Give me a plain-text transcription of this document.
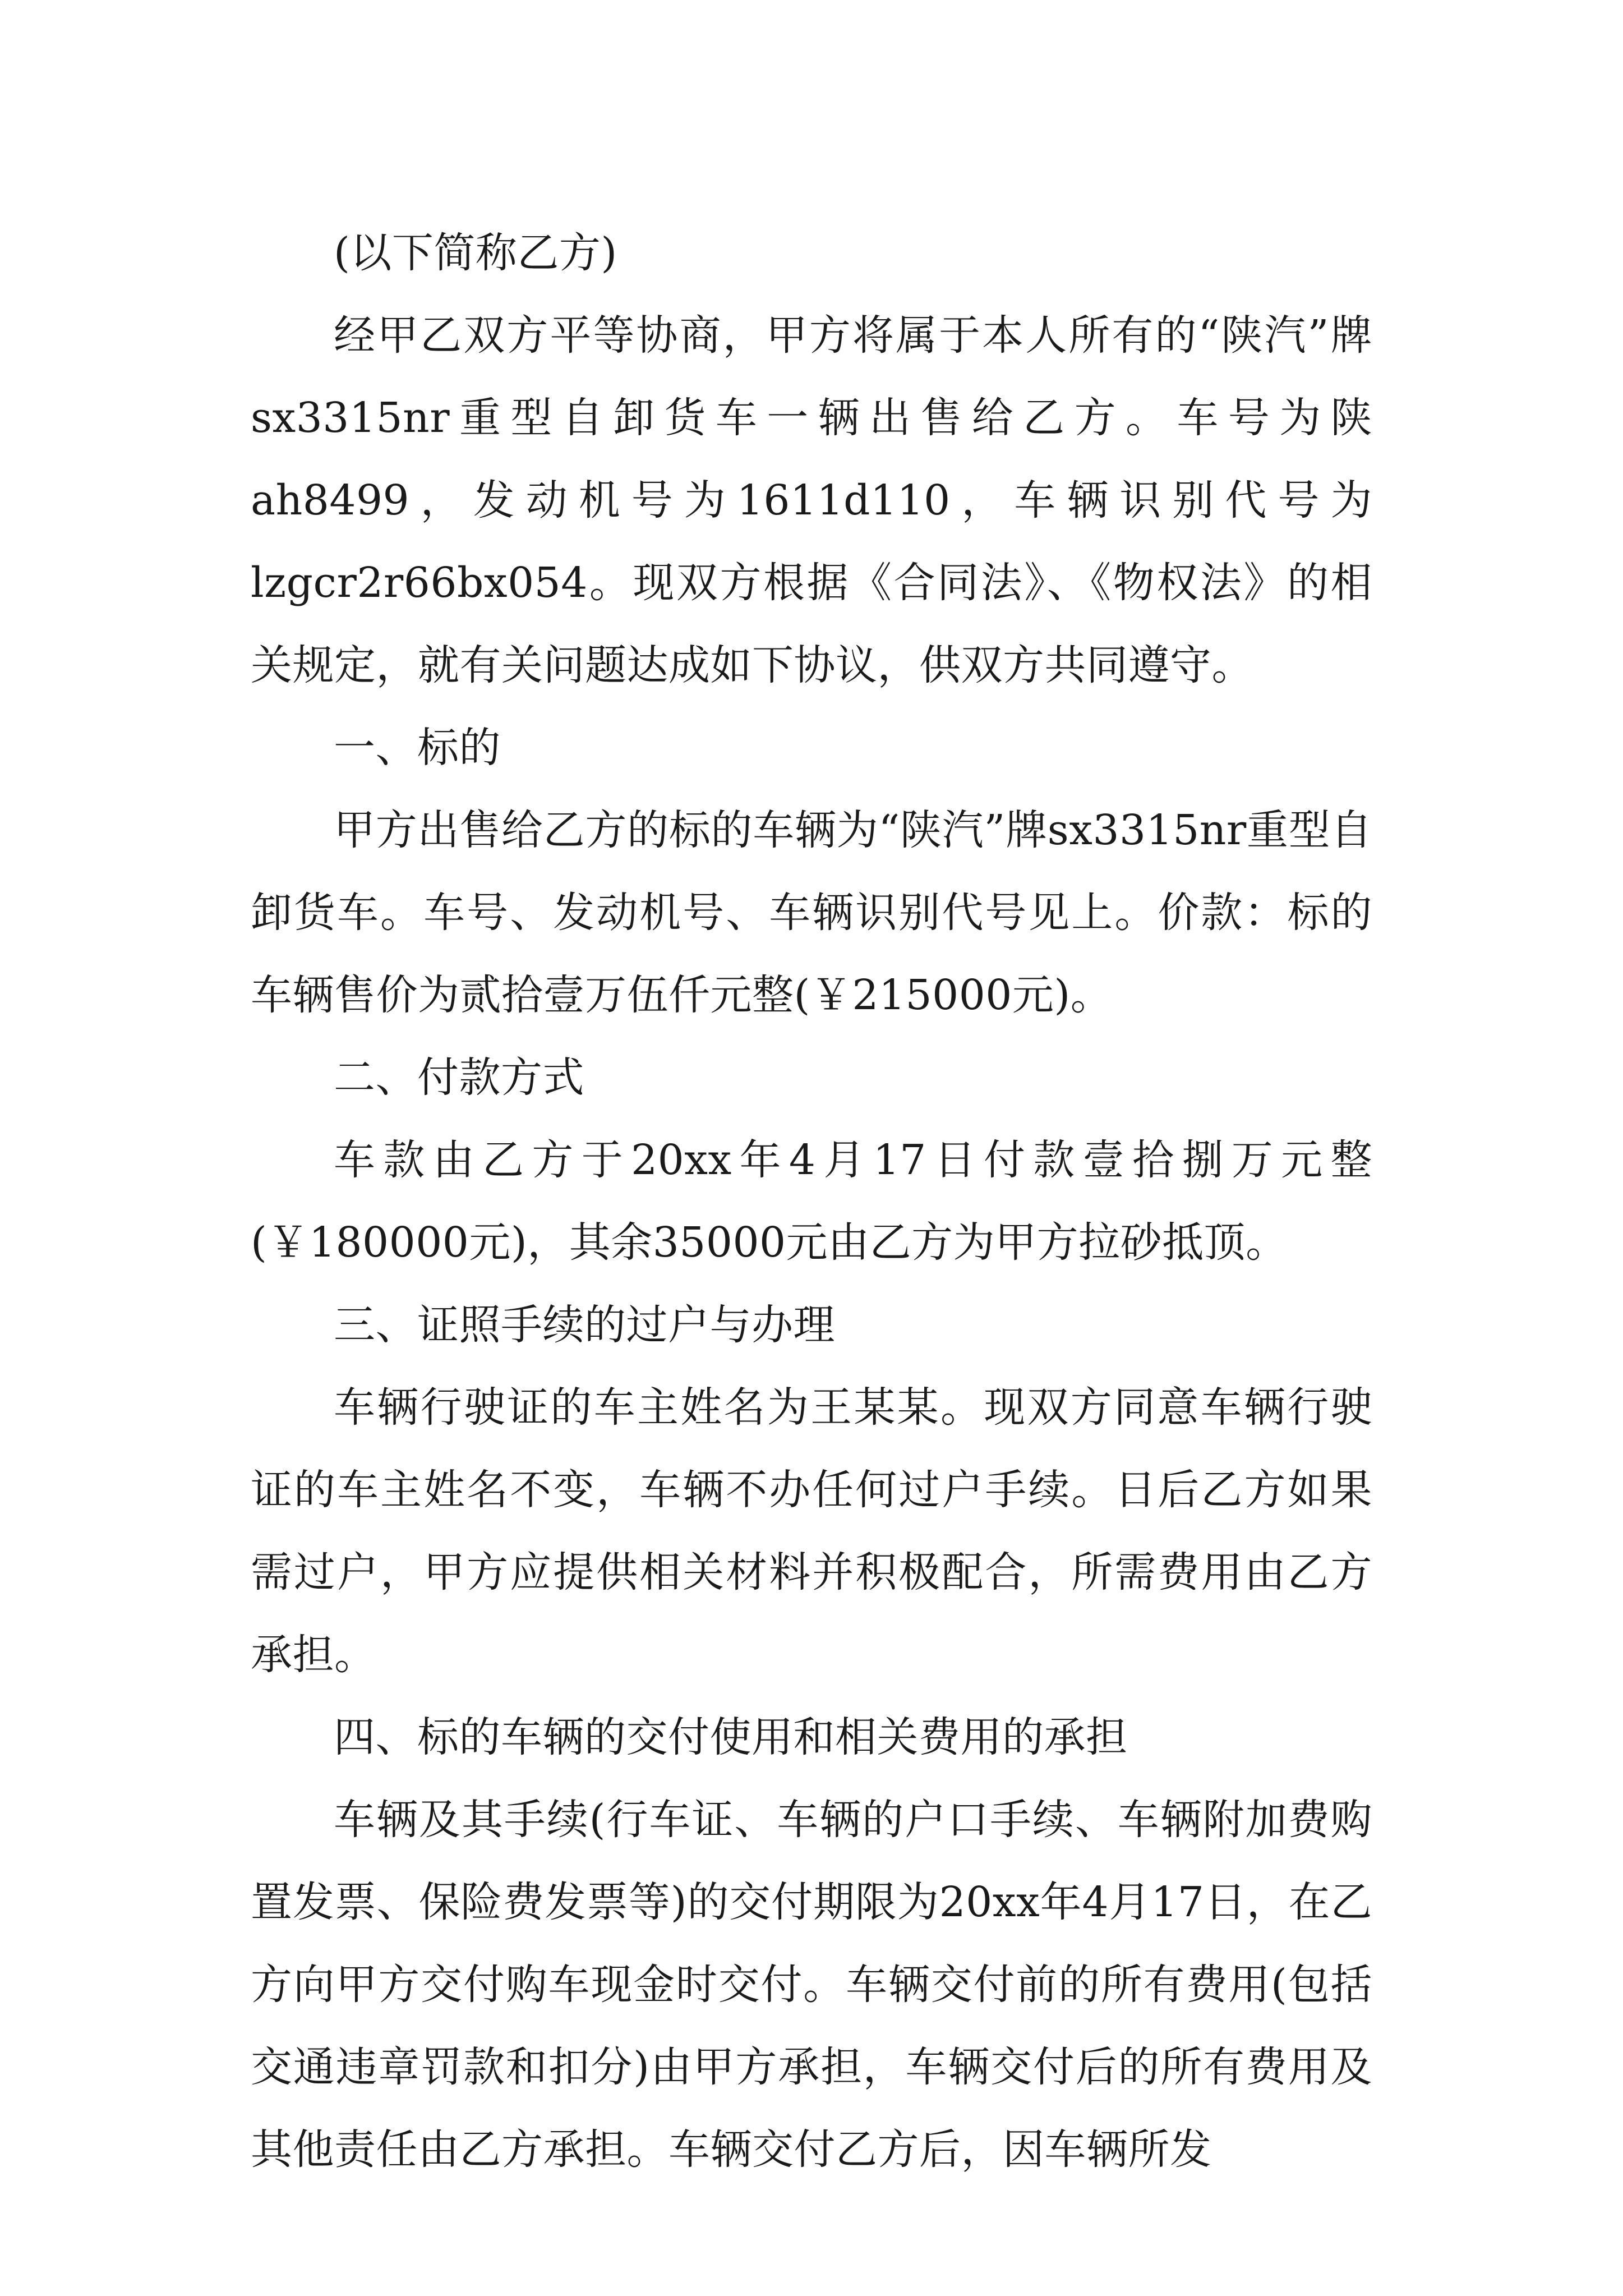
(以下简称乙方)

经甲乙双方平等协商，甲方将属于本人所有的“陕汽”牌sx3315nr重型自卸货车一辆出售给乙方。车号为陕ah8499，发动机号为1611d110，车辆识别代号为lzgcr2r66bx054。现双方根据《合同法》、《物权法》的相关规定，就有关问题达成如下协议，供双方共同遵守。

一、标的

甲方出售给乙方的标的车辆为“陕汽”牌sx3315nr重型自卸货车。车号、发动机号、车辆识别代号见上。价款：标的车辆售价为贰拾壹万伍仟元整(￥215000元)。

二、付款方式

车款由乙方于20xx年4月17日付款壹拾捌万元整(￥180000元)，其余35000元由乙方为甲方拉砂抵顶。

三、证照手续的过户与办理

车辆行驶证的车主姓名为王某某。现双方同意车辆行驶证的车主姓名不变，车辆不办任何过户手续。日后乙方如果需过户，甲方应提供相关材料并积极配合，所需费用由乙方承担。

四、标的车辆的交付使用和相关费用的承担

车辆及其手续(行车证、车辆的户口手续、车辆附加费购置发票、保险费发票等)的交付期限为20xx年4月17日，在乙方向甲方交付购车现金时交付。车辆交付前的所有费用(包括交通违章罚款和扣分)由甲方承担，车辆交付后的所有费用及其他责任由乙方承担。车辆交付乙方后，因车辆所发
